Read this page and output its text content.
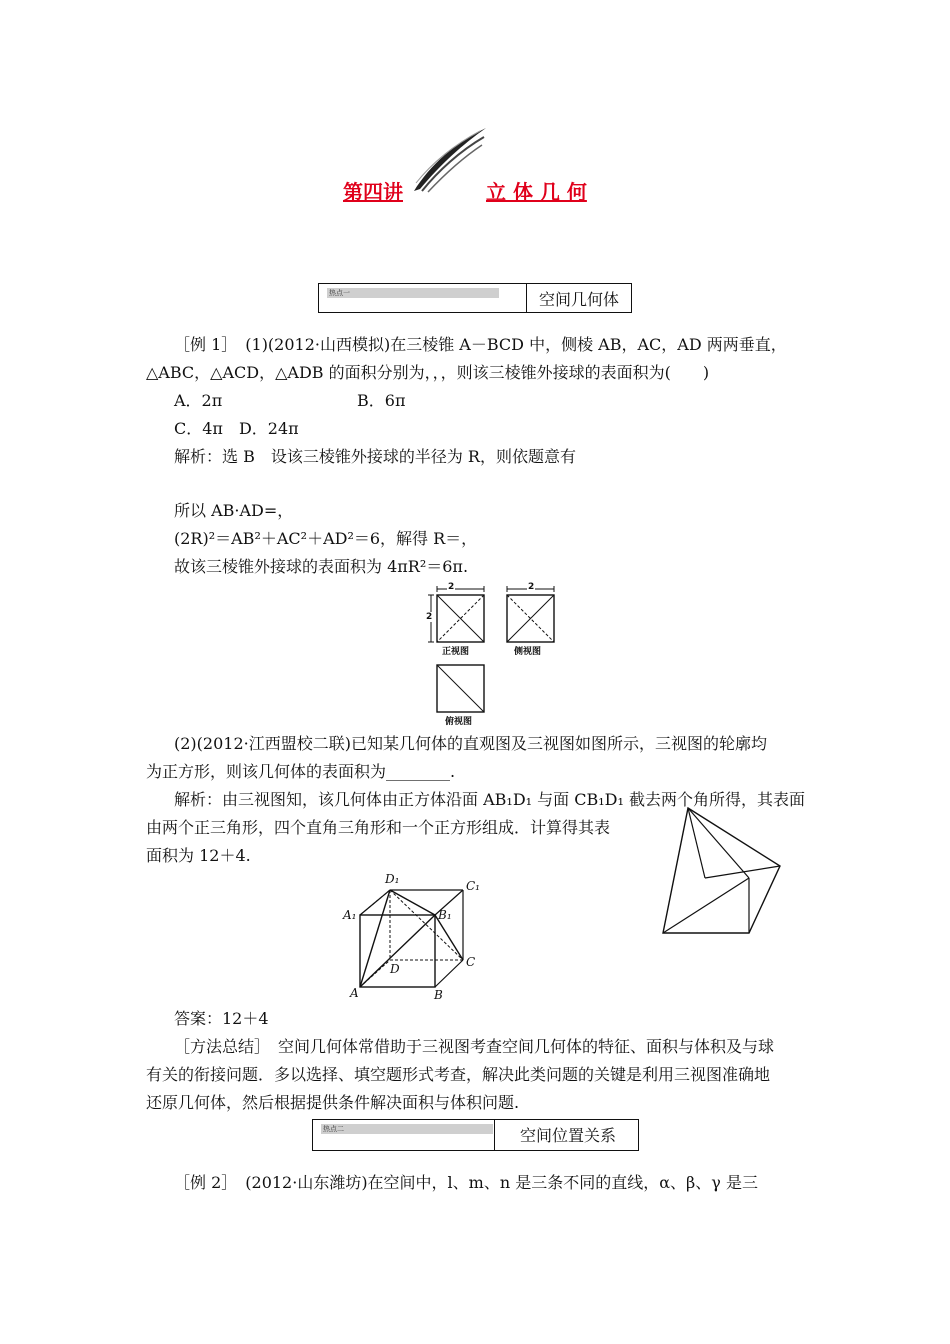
第四讲	立 体 几 何
热点一	空间几何体
［例 1］　(1)(2012·山西模拟)在三棱锥 A－BCD 中，侧棱 AB，AC，AD 两两垂直，
△ABC，△ACD，△ADB 的面积分别为，，，则该三棱锥外接球的表面积为(　　)
A．2π	B．6π
C．4π　D．24π
解析：选 B　设该三棱锥外接球的半径为 R，则依题意有
所以 AB·AD=，
(2R)²＝AB²＋AC²＋AD²＝6，解得 R＝，
故该三棱锥外接球的表面积为 4πR²＝6π.
2	2
2
正视图	侧视图
俯视图
(2)(2012·江西盟校二联)已知某几何体的直观图及三视图如图所示，三视图的轮廓均
为正方形，则该几何体的表面积为________.
解析：由三视图知，该几何体由正方体沿面 AB₁D₁ 与面 CB₁D₁ 截去两个角所得，其表面
由两个正三角形，四个直角三角形和一个正方形组成．计算得其表
面积为 12＋4.
D₁	C₁
A₁	B₁
D	C
A	B
答案：12＋4
［方法总结］　空间几何体常借助于三视图考查空间几何体的特征、面积与体积及与球
有关的衔接问题．多以选择、填空题形式考查，解决此类问题的关键是利用三视图准确地
还原几何体，然后根据提供条件解决面积与体积问题.
热点二	空间位置关系
［例 2］　(2012·山东潍坊)在空间中，l、m、n 是三条不同的直线，α、β、γ 是三
